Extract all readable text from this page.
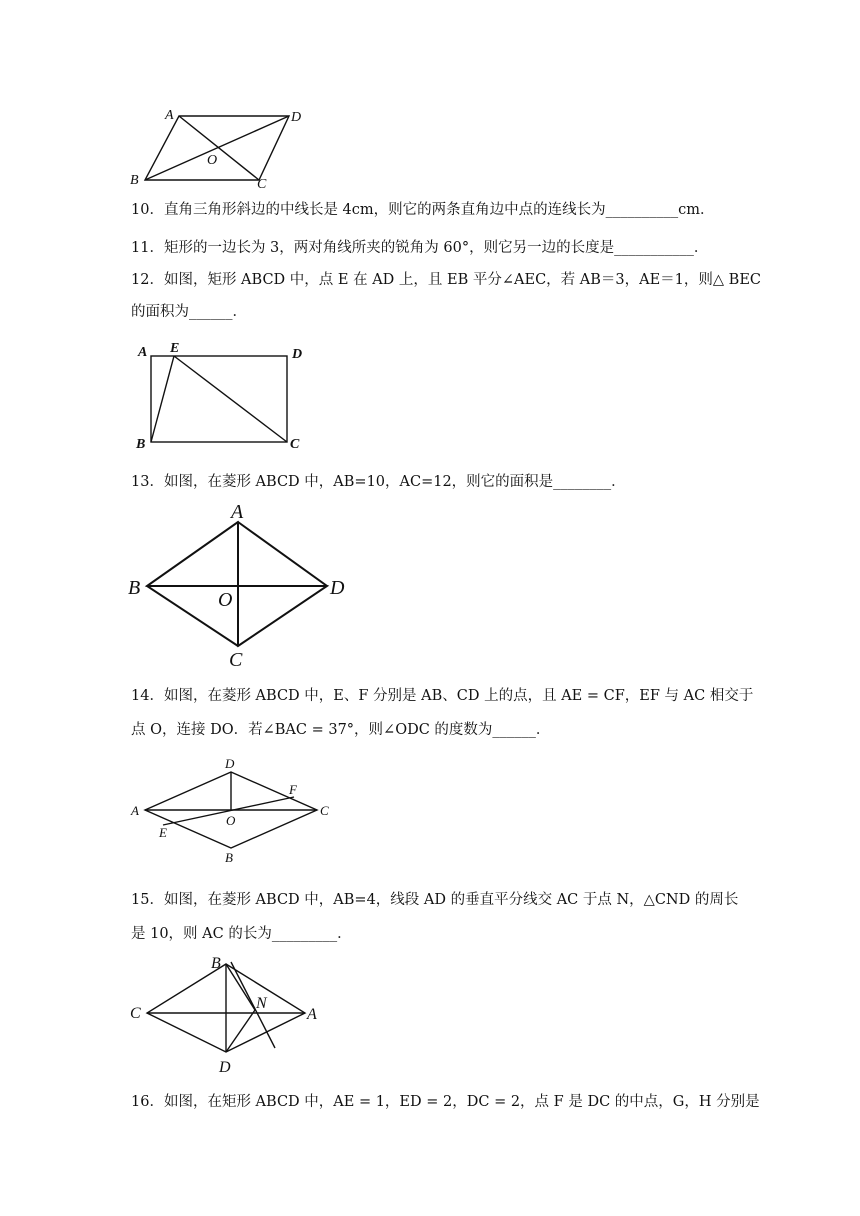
A	D
O
B	C
10．直角三角形斜边的中线长是 4cm，则它的两条直角边中点的连线长为__________cm．
11．矩形的一边长为 3，两对角线所夹的锐角为 60°，则它另一边的长度是___________．
12．如图，矩形 ABCD 中，点 E 在 AD 上，且 EB 平分∠AEC，若 AB＝3，AE＝1，则△ BEC
的面积为______．
A E	D
B	C
13．如图，在菱形 ABCD 中，AB=10，AC=12，则它的面积是________．
A
B
O
D
C
14．如图，在菱形 ABCD 中，E、F 分别是 AB、CD 上的点，且 AE = CF，EF 与 AC 相交于
点 O，连接 DO．若∠BAC = 37°，则∠ODC 的度数为______．
D
F
A
O
C
E
B
15．如图，在菱形 ABCD 中，AB=4，线段 AD 的垂直平分线交 AC 于点 N，△CND 的周长
是 10，则 AC 的长为_________．
B
N
C	A
D
16．如图，在矩形 ABCD 中，AE = 1，ED = 2，DC = 2，点 F 是 DC 的中点，G，H 分别是
